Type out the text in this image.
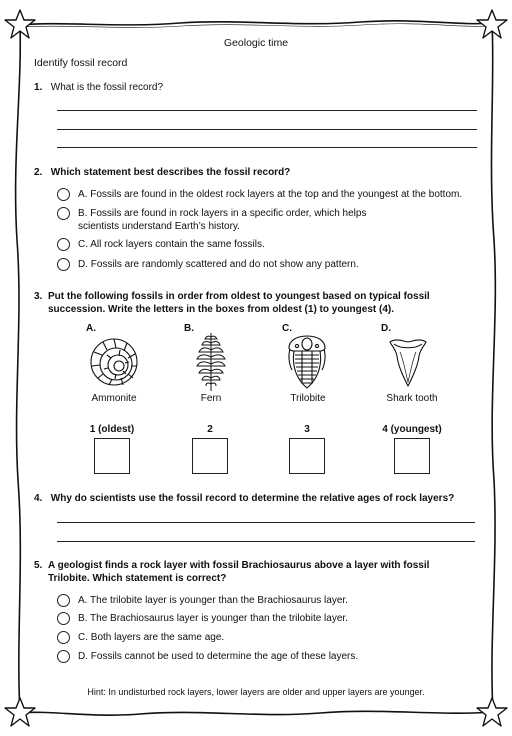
Geologic time
Identify fossil record
1. What is the fossil record?
2. Which statement best describes the fossil record?
A. Fossils are found in the oldest rock layers at the top and the youngest at the bottom.
B. Fossils are found in rock layers in a specific order, which helps scientists understand Earth’s history.
C. All rock layers contain the same fossils.
D. Fossils are randomly scattered and do not show any pattern.
3. Put the following fossils in order from oldest to youngest based on typical fossil succession. Write the letters in the boxes from oldest (1) to youngest (4).
A.	B.	C.	D.
Ammonite	Fern	Trilobite	Shark tooth
1 (oldest)	2	3	4 (youngest)
4. Why do scientists use the fossil record to determine the relative ages of rock layers?
5. A geologist finds a rock layer with fossil Brachiosaurus above a layer with fossil Trilobite. Which statement is correct?
A. The trilobite layer is younger than the Brachiosaurus layer.
B. The Brachiosaurus layer is younger than the trilobite layer.
C. Both layers are the same age.
D. Fossils cannot be used to determine the age of these layers.
Hint: In undisturbed rock layers, lower layers are older and upper layers are younger.
